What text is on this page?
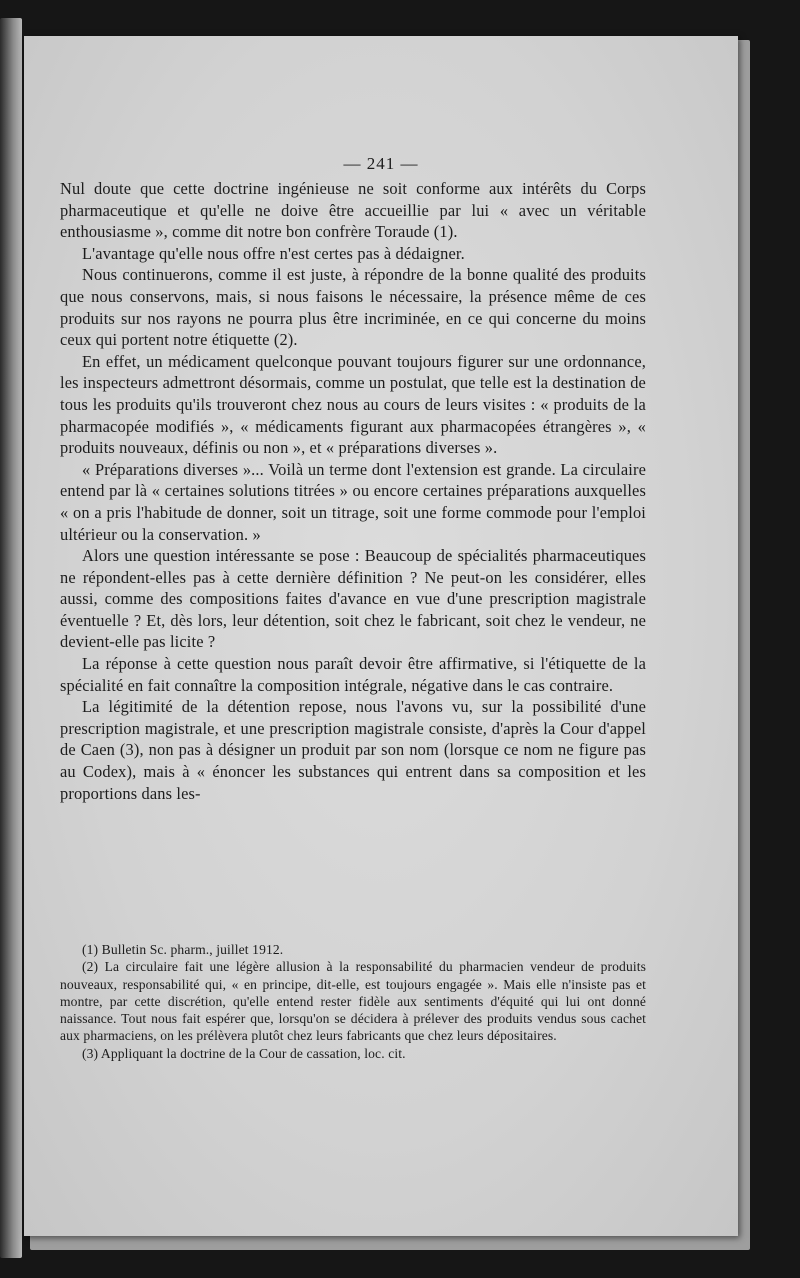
— 241 —

Nul doute que cette doctrine ingénieuse ne soit conforme aux intérêts du Corps pharmaceutique et qu'elle ne doive être accueillie par lui « avec un véritable enthousiasme », comme dit notre bon confrère Toraude (1).

L'avantage qu'elle nous offre n'est certes pas à dédaigner.

Nous continuerons, comme il est juste, à répondre de la bonne qualité des produits que nous conservons, mais, si nous faisons le nécessaire, la présence même de ces produits sur nos rayons ne pourra plus être incriminée, en ce qui concerne du moins ceux qui portent notre étiquette (2).

En effet, un médicament quelconque pouvant toujours figurer sur une ordonnance, les inspecteurs admettront désormais, comme un postulat, que telle est la destination de tous les produits qu'ils trouveront chez nous au cours de leurs visites : « produits de la pharmacopée modifiés », « médicaments figurant aux pharmacopées étrangères », « produits nouveaux, définis ou non », et « préparations diverses ».

« Préparations diverses »... Voilà un terme dont l'extension est grande. La circulaire entend par là « certaines solutions titrées » ou encore certaines préparations auxquelles « on a pris l'habitude de donner, soit un titrage, soit une forme commode pour l'emploi ultérieur ou la conservation. »

Alors une question intéressante se pose : Beaucoup de spécialités pharmaceutiques ne répondent-elles pas à cette dernière définition ? Ne peut-on les considérer, elles aussi, comme des compositions faites d'avance en vue d'une prescription magistrale éventuelle ? Et, dès lors, leur détention, soit chez le fabricant, soit chez le vendeur, ne devient-elle pas licite ?

La réponse à cette question nous paraît devoir être affirmative, si l'étiquette de la spécialité en fait connaître la composition intégrale, négative dans le cas contraire.

La légitimité de la détention repose, nous l'avons vu, sur la possibilité d'une prescription magistrale, et une prescription magistrale consiste, d'après la Cour d'appel de Caen (3), non pas à désigner un produit par son nom (lorsque ce nom ne figure pas au Codex), mais à « énoncer les substances qui entrent dans sa composition et les proportions dans les-

(1) Bulletin Sc. pharm., juillet 1912.

(2) La circulaire fait une légère allusion à la responsabilité du pharmacien vendeur de produits nouveaux, responsabilité qui, « en principe, dit-elle, est toujours engagée ». Mais elle n'insiste pas et montre, par cette discrétion, qu'elle entend rester fidèle aux sentiments d'équité qui lui ont donné naissance. Tout nous fait espérer que, lorsqu'on se décidera à prélever des produits vendus sous cachet aux pharmaciens, on les prélèvera plutôt chez leurs fabricants que chez leurs dépositaires.

(3) Appliquant la doctrine de la Cour de cassation, loc. cit.
